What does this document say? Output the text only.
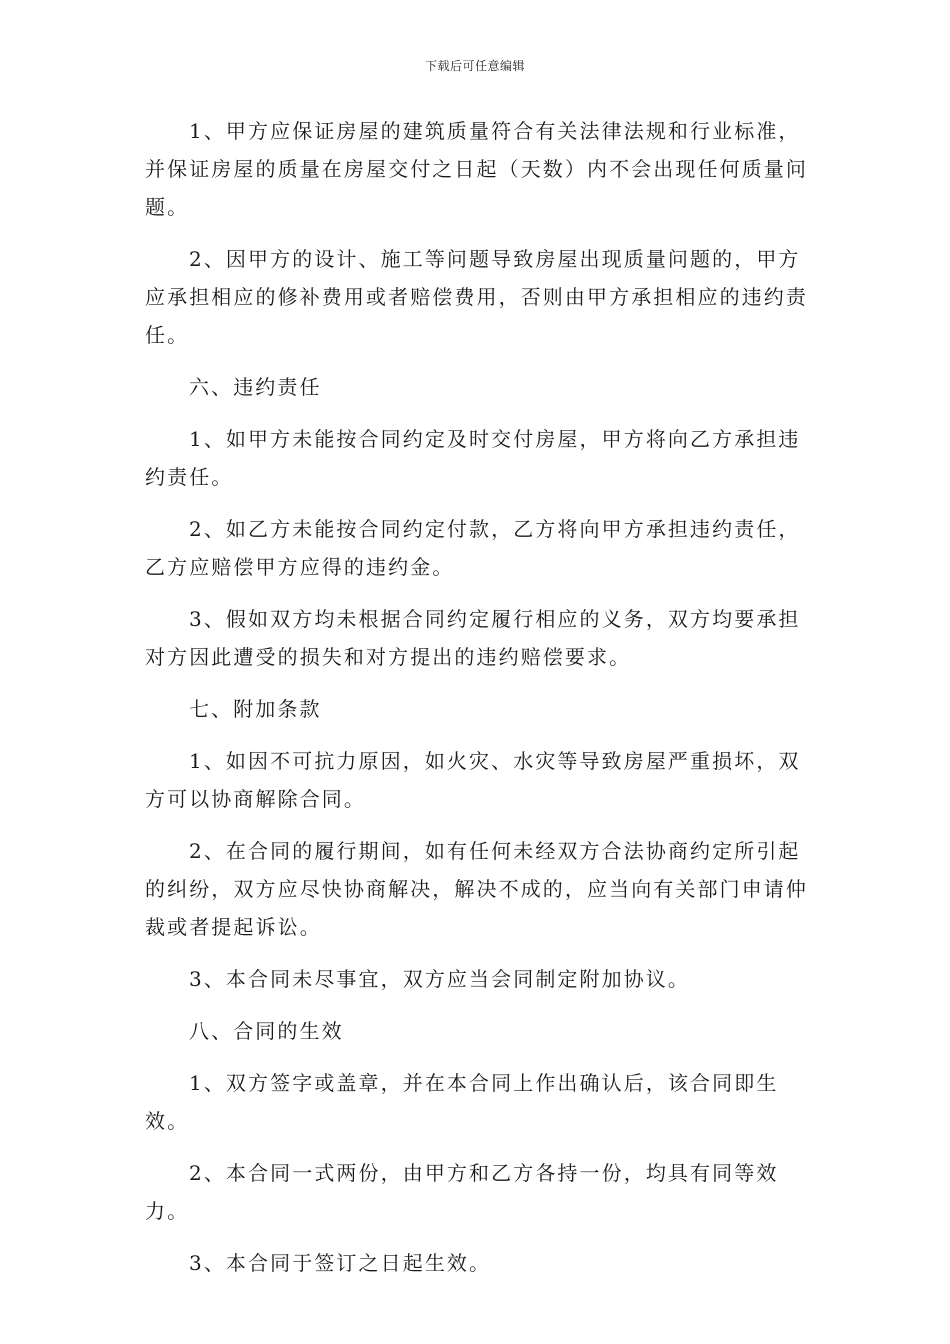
下载后可任意编辑

1、甲方应保证房屋的建筑质量符合有关法律法规和行业标准，并保证房屋的质量在房屋交付之日起（天数）内不会出现任何质量问题。

2、因甲方的设计、施工等问题导致房屋出现质量问题的，甲方应承担相应的修补费用或者赔偿费用，否则由甲方承担相应的违约责任。

六、违约责任

1、如甲方未能按合同约定及时交付房屋，甲方将向乙方承担违约责任。

2、如乙方未能按合同约定付款，乙方将向甲方承担违约责任，乙方应赔偿甲方应得的违约金。

3、假如双方均未根据合同约定履行相应的义务，双方均要承担对方因此遭受的损失和对方提出的违约赔偿要求。

七、附加条款

1、如因不可抗力原因，如火灾、水灾等导致房屋严重损坏，双方可以协商解除合同。

2、在合同的履行期间，如有任何未经双方合法协商约定所引起的纠纷，双方应尽快协商解决，解决不成的，应当向有关部门申请仲裁或者提起诉讼。

3、本合同未尽事宜，双方应当会同制定附加协议。

八、合同的生效

1、双方签字或盖章，并在本合同上作出确认后，该合同即生效。

2、本合同一式两份，由甲方和乙方各持一份，均具有同等效力。

3、本合同于签订之日起生效。
